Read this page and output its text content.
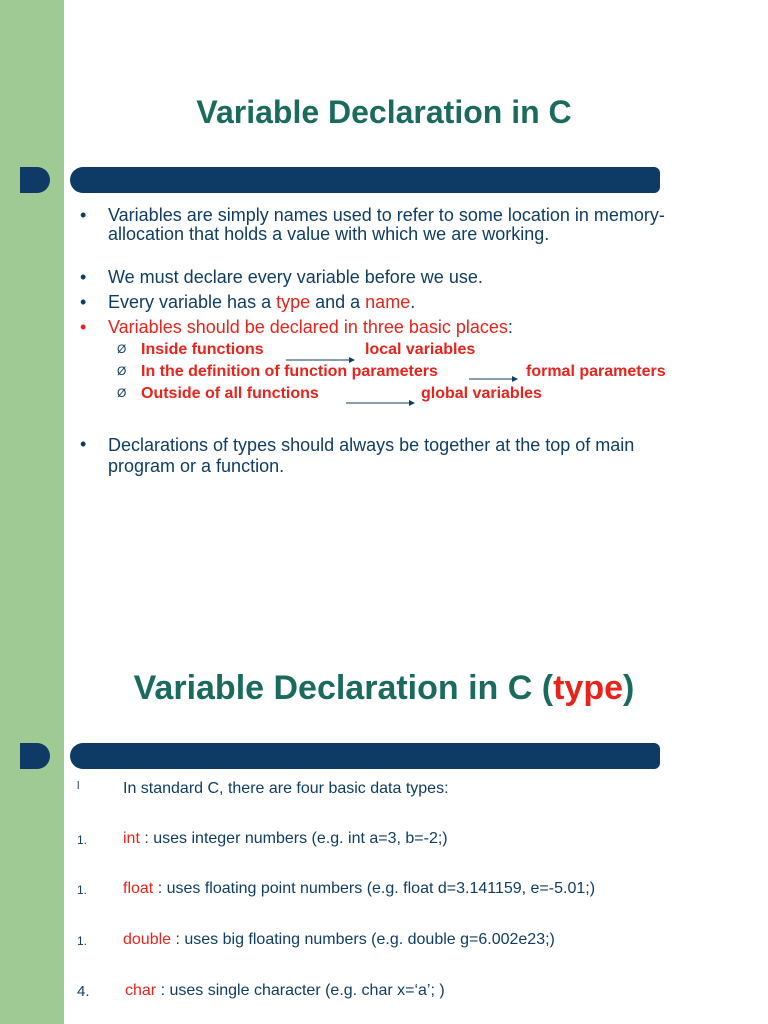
Variable Declaration in C
• Variables are simply names used to refer to some location in memory-allocation that holds a value with which we are working.
• We must declare every variable before we use.
• Every variable has a type and a name.
• Variables should be declared in three basic places:
Ø Inside functions	local variables
Ø In the definition of function parameters	formal parameters
Ø Outside of all functions	global variables
• Declarations of types should always be together at the top of main program or a function.
Variable Declaration in C (type)
l	In standard C, there are four basic data types:
1. int : uses integer numbers (e.g. int a=3, b=-2;)
1. float : uses floating point numbers (e.g. float d=3.141159, e=-5.01;)
1. double : uses big floating numbers (e.g. double g=6.002e23;)
4. char : uses single character (e.g. char x=‘a’; )
